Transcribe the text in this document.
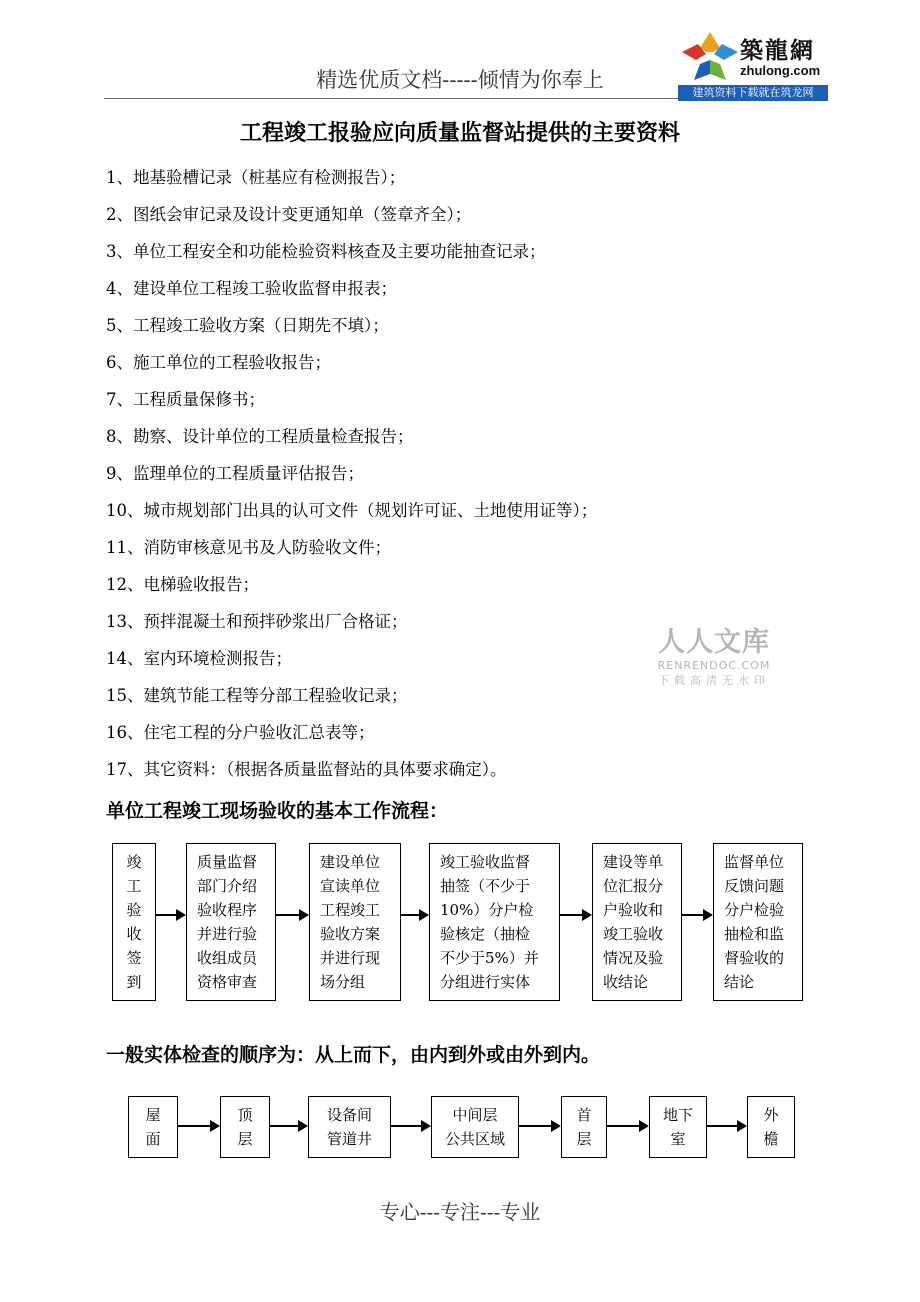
精选优质文档-----倾情为你奉上
築龍網
zhulong.com
建筑资料下载就在筑龙网
工程竣工报验应向质量监督站提供的主要资料
1、地基验槽记录（桩基应有检测报告）；
2、图纸会审记录及设计变更通知单（签章齐全）；
3、单位工程安全和功能检验资料核查及主要功能抽查记录；
4、建设单位工程竣工验收监督申报表；
5、工程竣工验收方案（日期先不填）；
6、施工单位的工程验收报告；
7、工程质量保修书；
8、勘察、设计单位的工程质量检查报告；
9、监理单位的工程质量评估报告；
10、城市规划部门出具的认可文件（规划许可证、土地使用证等）；
11、消防审核意见书及人防验收文件；
12、电梯验收报告；
13、预拌混凝土和预拌砂浆出厂合格证；
14、室内环境检测报告；
15、建筑节能工程等分部工程验收记录；
16、住宅工程的分户验收汇总表等；
17、其它资料：（根据各质量监督站的具体要求确定）。
人人文库
RENRENDOC.COM
下载高清无水印
单位工程竣工现场验收的基本工作流程：
竣
工
验
收
签
到
质量监督
部门介绍
验收程序
并进行验
收组成员
资格审查
建设单位
宣读单位
工程竣工
验收方案
并进行现
场分组
竣工验收监督
抽签（不少于
10%）分户检
验核定（抽检
不少于5%）并
分组进行实体
建设等单
位汇报分
户验收和
竣工验收
情况及验
收结论
监督单位
反馈问题
分户检验
抽检和监
督验收的
结论
一般实体检查的顺序为：从上而下，由内到外或由外到内。
屋
面
顶
层
设备间
管道井
中间层
公共区域
首
层
地下
室
外
檐
专心---专注---专业
